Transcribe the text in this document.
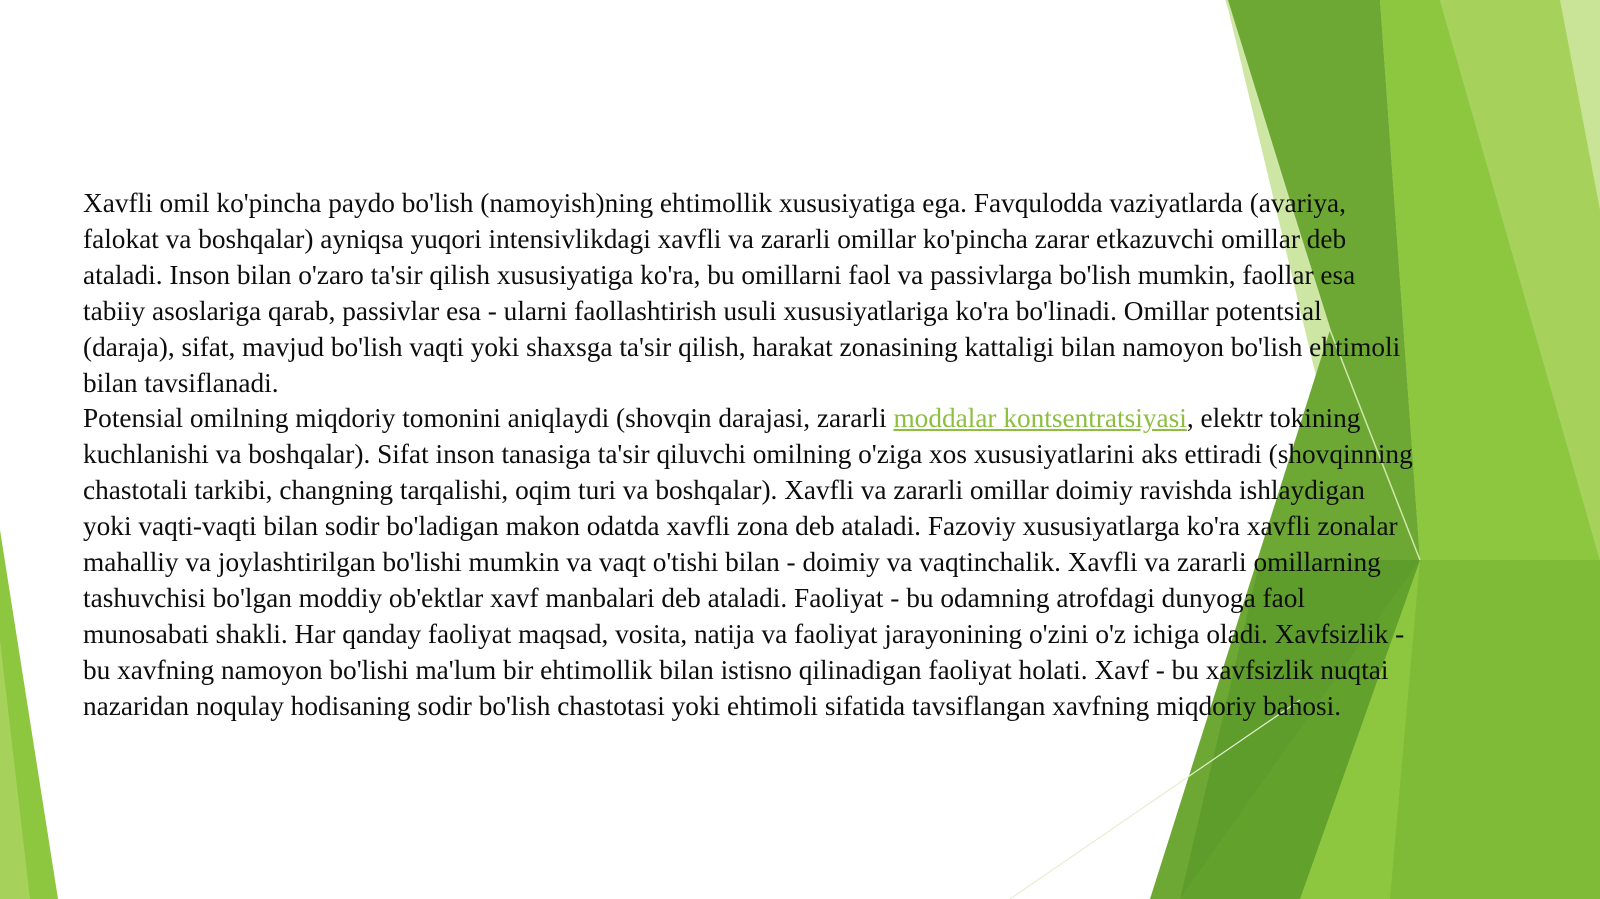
Xavfli omil ko'pincha paydo bo'lish (namoyish)ning ehtimollik xususiyatiga ega. Favqulodda vaziyatlarda (avariya, falokat va boshqalar) ayniqsa yuqori intensivlikdagi xavfli va zararli omillar ko'pincha zarar etkazuvchi omillar deb ataladi. Inson bilan o'zaro ta'sir qilish xususiyatiga ko'ra, bu omillarni faol va passivlarga bo'lish mumkin, faollar esa tabiiy asoslariga qarab, passivlar esa - ularni faollashtirish usuli xususiyatlariga ko'ra bo'linadi. Omillar potentsial (daraja), sifat, mavjud bo'lish vaqti yoki shaxsga ta'sir qilish, harakat zonasining kattaligi bilan namoyon bo'lish ehtimoli bilan tavsiflanadi.

Potensial omilning miqdoriy tomonini aniqlaydi (shovqin darajasi, zararli moddalar kontsentratsiyasi, elektr tokining kuchlanishi va boshqalar). Sifat inson tanasiga ta'sir qiluvchi omilning o'ziga xos xususiyatlarini aks ettiradi (shovqinning chastotali tarkibi, changning tarqalishi, oqim turi va boshqalar). Xavfli va zararli omillar doimiy ravishda ishlaydigan yoki vaqti-vaqti bilan sodir bo'ladigan makon odatda xavfli zona deb ataladi. Fazoviy xususiyatlarga ko'ra xavfli zonalar mahalliy va joylashtirilgan bo'lishi mumkin va vaqt o'tishi bilan - doimiy va vaqtinchalik. Xavfli va zararli omillarning tashuvchisi bo'lgan moddiy ob'ektlar xavf manbalari deb ataladi. Faoliyat - bu odamning atrofdagi dunyoga faol munosabati shakli. Har qanday faoliyat maqsad, vosita, natija va faoliyat jarayonining o'zini o'z ichiga oladi. Xavfsizlik - bu xavfning namoyon bo'lishi ma'lum bir ehtimollik bilan istisno qilinadigan faoliyat holati. Xavf - bu xavfsizlik nuqtai nazaridan noqulay hodisaning sodir bo'lish chastotasi yoki ehtimoli sifatida tavsiflangan xavfning miqdoriy bahosi.
